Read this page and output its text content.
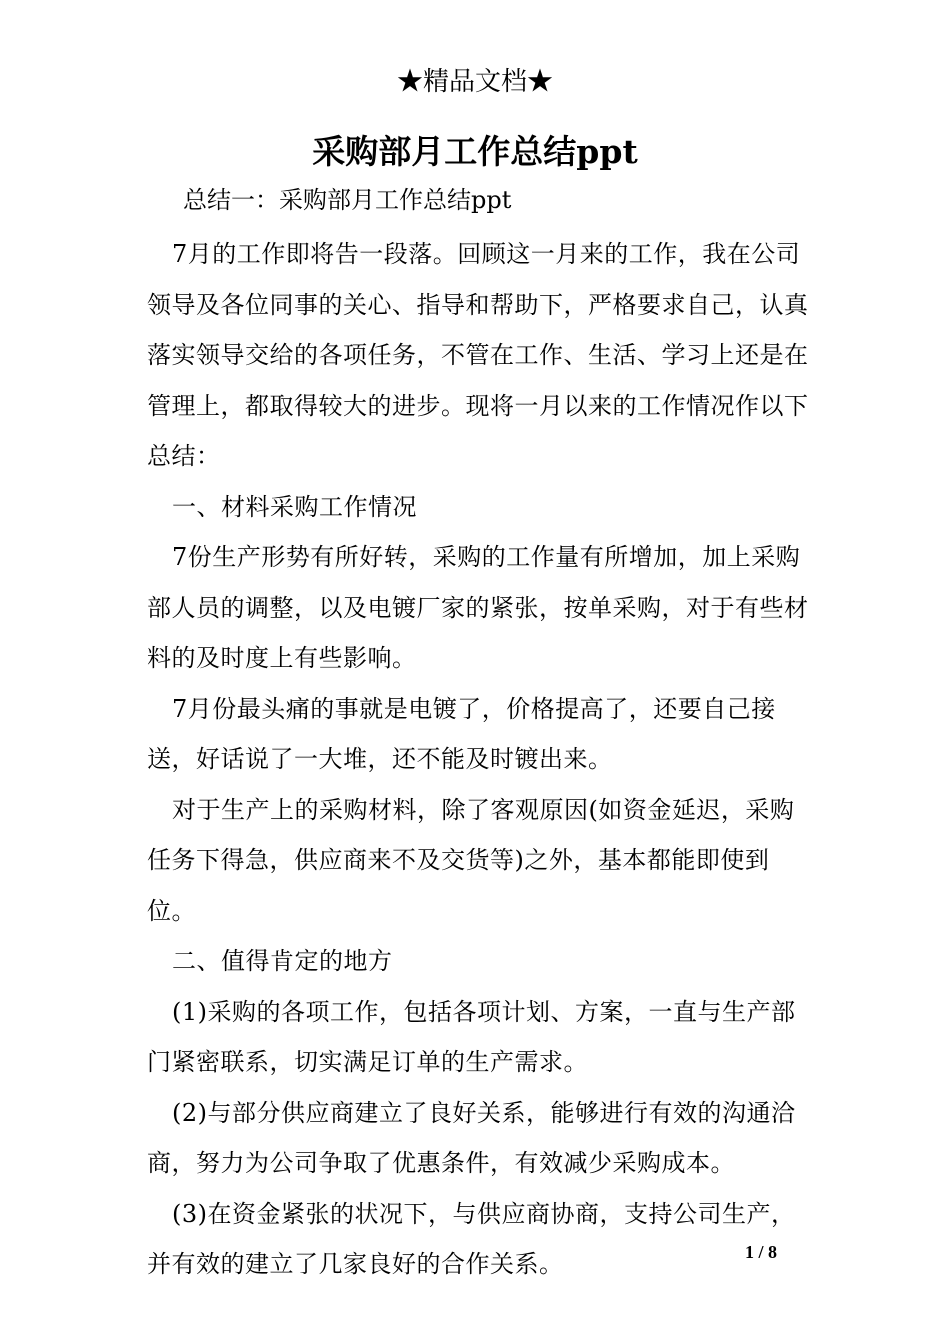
★精品文档★
采购部月工作总结ppt
总结一：采购部月工作总结ppt

7月的工作即将告一段落。回顾这一月来的工作，我在公司领导及各位同事的关心、指导和帮助下，严格要求自己，认真落实领导交给的各项任务，不管在工作、生活、学习上还是在管理上，都取得较大的进步。现将一月以来的工作情况作以下总结：

一、材料采购工作情况

7份生产形势有所好转，采购的工作量有所增加，加上采购部人员的调整，以及电镀厂家的紧张，按单采购，对于有些材料的及时度上有些影响。

7月份最头痛的事就是电镀了，价格提高了，还要自己接送，好话说了一大堆，还不能及时镀出来。

对于生产上的采购材料，除了客观原因(如资金延迟，采购任务下得急，供应商来不及交货等)之外，基本都能即使到位。

二、值得肯定的地方

(1)采购的各项工作，包括各项计划、方案，一直与生产部门紧密联系，切实满足订单的生产需求。

(2)与部分供应商建立了良好关系，能够进行有效的沟通洽商，努力为公司争取了优惠条件，有效减少采购成本。

(3)在资金紧张的状况下，与供应商协商，支持公司生产，并有效的建立了几家良好的合作关系。	1 / 8
